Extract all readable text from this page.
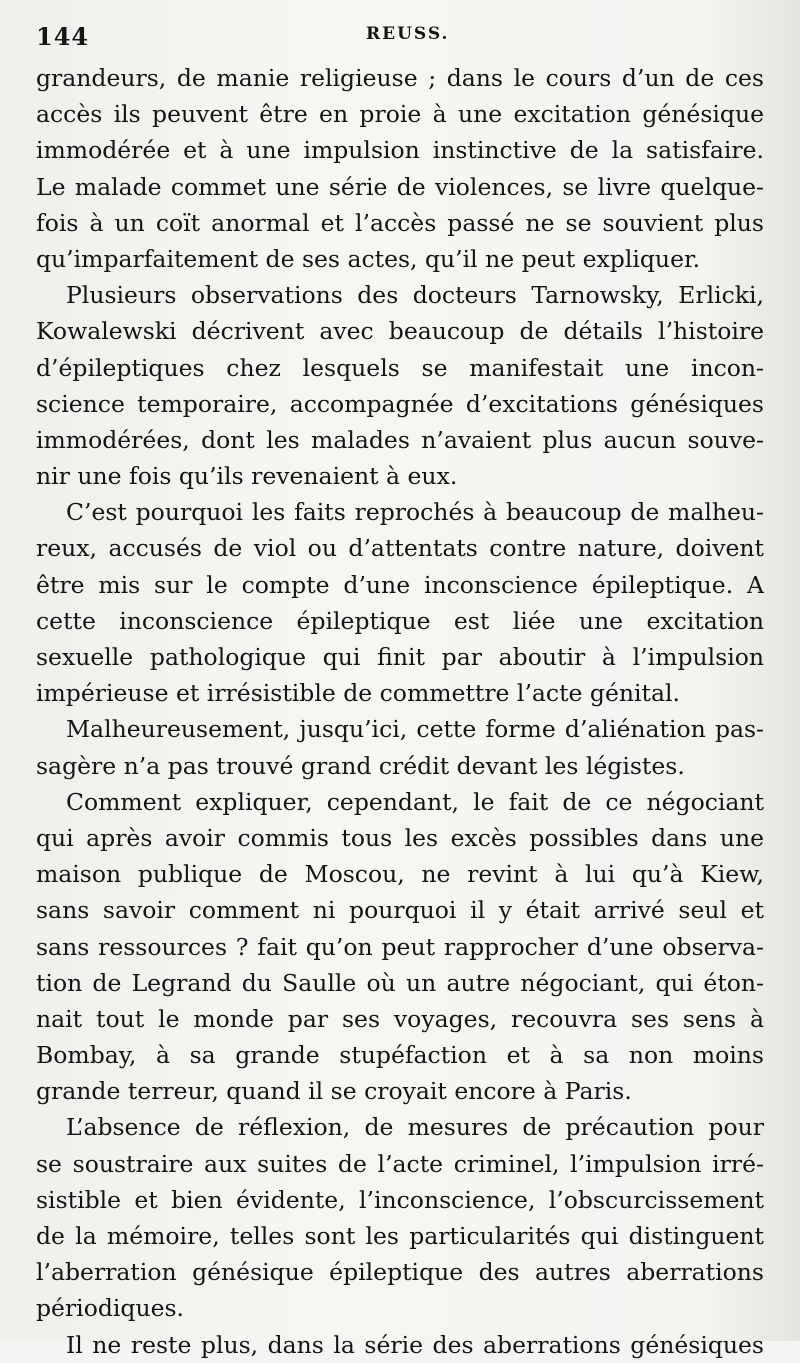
144	REUSS.
grandeurs, de manie religieuse ; dans le cours d’un de ces
accès ils peuvent être en proie à une excitation génésique
immodérée et à une impulsion instinctive de la satisfaire.
Le malade commet une série de violences, se livre quelque-
fois à un coït anormal et l’accès passé ne se souvient plus
qu’imparfaitement de ses actes, qu’il ne peut expliquer.
Plusieurs observations des docteurs Tarnowsky, Erlicki,
Kowalewski décrivent avec beaucoup de détails l’histoire
d’épileptiques chez lesquels se manifestait une incon-
science temporaire, accompagnée d’excitations génésiques
immodérées, dont les malades n’avaient plus aucun souve-
nir une fois qu’ils revenaient à eux.
C’est pourquoi les faits reprochés à beaucoup de malheu-
reux, accusés de viol ou d’attentats contre nature, doivent
être mis sur le compte d’une inconscience épileptique. A
cette inconscience épileptique est liée une excitation
sexuelle pathologique qui finit par aboutir à l’impulsion
impérieuse et irrésistible de commettre l’acte génital.
Malheureusement, jusqu’ici, cette forme d’aliénation pas-
sagère n’a pas trouvé grand crédit devant les légistes.
Comment expliquer, cependant, le fait de ce négociant
qui après avoir commis tous les excès possibles dans une
maison publique de Moscou, ne revint à lui qu’à Kiew,
sans savoir comment ni pourquoi il y était arrivé seul et
sans ressources ? fait qu’on peut rapprocher d’une observa-
tion de Legrand du Saulle où un autre négociant, qui éton-
nait tout le monde par ses voyages, recouvra ses sens à
Bombay, à sa grande stupéfaction et à sa non moins
grande terreur, quand il se croyait encore à Paris.
L’absence de réflexion, de mesures de précaution pour
se soustraire aux suites de l’acte criminel, l’impulsion irré-
sistible et bien évidente, l’inconscience, l’obscurcissement
de la mémoire, telles sont les particularités qui distinguent
l’aberration génésique épileptique des autres aberrations
périodiques.
Il ne reste plus, dans la série des aberrations génésiques
